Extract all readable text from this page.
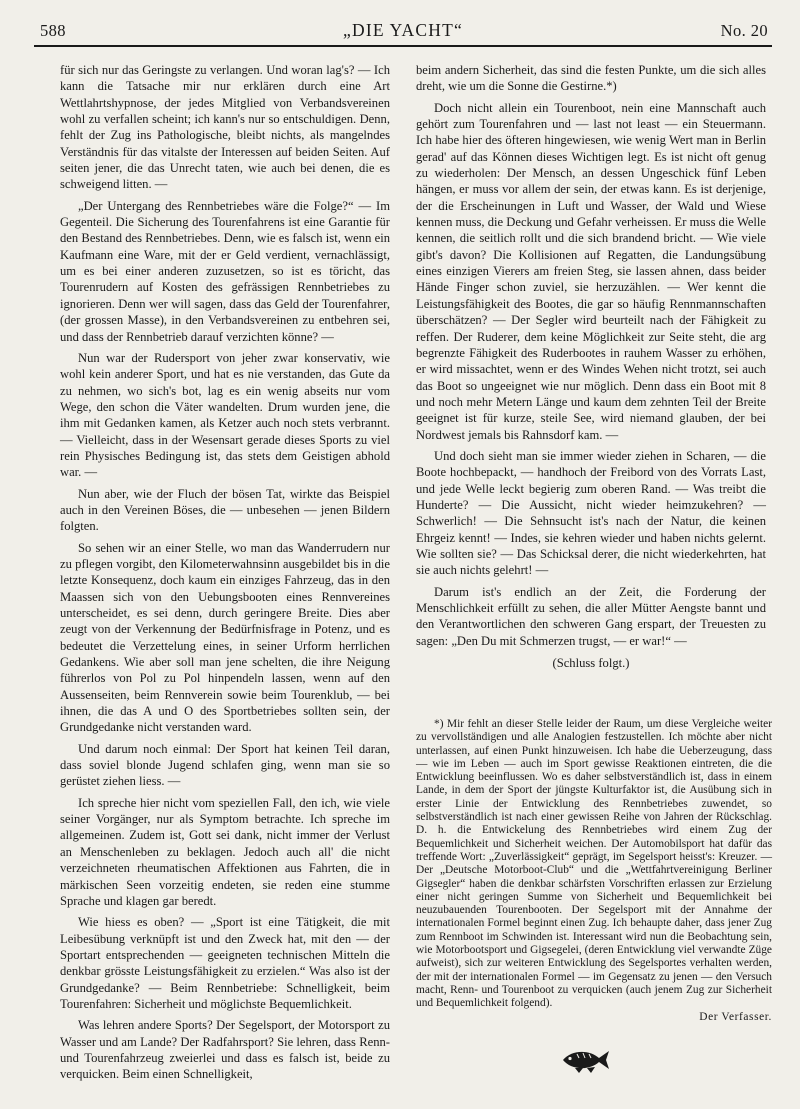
588	„DIE YACHT“	No. 20

für sich nur das Geringste zu verlangen. Und woran lag's? — Ich kann die Tatsache mir nur erklären durch eine Art Wettlahrtshypnose, der jedes Mitglied von Verbandsvereinen wohl zu verfallen scheint; ich kann's nur so entschuldigen. Denn, fehlt der Zug ins Pathologische, bleibt nichts, als mangelndes Verständnis für das vitalste der Interessen auf beiden Seiten. Auf seiten jener, die das Unrecht taten, wie auch bei denen, die es schweigend litten. —

„Der Untergang des Rennbetriebes wäre die Folge?“ — Im Gegenteil. Die Sicherung des Tourenfahrens ist eine Garantie für den Bestand des Rennbetriebes. Denn, wie es falsch ist, wenn ein Kaufmann eine Ware, mit der er Geld verdient, vernachlässigt, um es bei einer anderen zuzusetzen, so ist es töricht, das Tourenrudern auf Kosten des gefrässigen Rennbetriebes zu ignorieren. Denn wer will sagen, dass das Geld der Tourenfahrer, (der grossen Masse), in den Verbandsvereinen zu entbehren sei, und dass der Rennbetrieb darauf verzichten könne? —

Nun war der Rudersport von jeher zwar konservativ, wie wohl kein anderer Sport, und hat es nie verstanden, das Gute da zu nehmen, wo sich's bot, lag es ein wenig abseits nur vom Wege, den schon die Väter wandelten. Drum wurden jene, die ihm mit Gedanken kamen, als Ketzer auch noch stets verbrannt. — Vielleicht, dass in der Wesensart gerade dieses Sports zu viel rein Physisches Bedingung ist, das stets dem Geistigen abhold war. —

Nun aber, wie der Fluch der bösen Tat, wirkte das Beispiel auch in den Vereinen Böses, die — unbesehen — jenen Bildern folgten.

So sehen wir an einer Stelle, wo man das Wanderrudern nur zu pflegen vorgibt, den Kilometerwahnsinn ausgebildet bis in die letzte Konsequenz, doch kaum ein einziges Fahrzeug, das in den Maassen sich von den Uebungsbooten eines Rennvereines unterscheidet, es sei denn, durch geringere Breite. Dies aber zeugt von der Verkennung der Bedürfnisfrage in Potenz, und es bedeutet die Verzettelung eines, in seiner Urform herrlichen Gedankens. Wie aber soll man jene schelten, die ihre Neigung führerlos von Pol zu Pol hinpendeln lassen, wenn auf den Aussenseiten, beim Rennverein sowie beim Tourenklub, — bei ihnen, die das A und O des Sportbetriebes sollten sein, der Grundgedanke nicht verstanden ward.

Und darum noch einmal: Der Sport hat keinen Teil daran, dass soviel blonde Jugend schlafen ging, wenn man sie so gerüstet ziehen liess. —

Ich spreche hier nicht vom speziellen Fall, den ich, wie viele seiner Vorgänger, nur als Symptom betrachte. Ich spreche im allgemeinen. Zudem ist, Gott sei dank, nicht immer der Verlust an Menschenleben zu beklagen. Jedoch auch all' die nicht verzeichneten rheumatischen Affektionen aus Fahrten, die in märkischen Seen vorzeitig endeten, sie reden eine stumme Sprache und klagen gar beredt.

Wie hiess es oben? — „Sport ist eine Tätigkeit, die mit Leibesübung verknüpft ist und den Zweck hat, mit den — der Sportart entsprechenden — geeigneten technischen Mitteln die denkbar grösste Leistungsfähigkeit zu erzielen.“ Was also ist der Grundgedanke? — Beim Rennbetriebe: Schnelligkeit, beim Tourenfahren: Sicherheit und möglichste Bequemlichkeit.

Was lehren andere Sports? Der Segelsport, der Motorsport zu Wasser und am Lande? Der Radfahrsport? Sie lehren, dass Renn- und Tourenfahrzeug zweierlei und dass es falsch ist, beide zu verquicken. Beim einen Schnelligkeit,

beim andern Sicherheit, das sind die festen Punkte, um die sich alles dreht, wie um die Sonne die Gestirne.*)

Doch nicht allein ein Tourenboot, nein eine Mannschaft auch gehört zum Tourenfahren und — last not least — ein Steuermann. Ich habe hier des öfteren hingewiesen, wie wenig Wert man in Berlin gerad' auf das Können dieses Wichtigen legt. Es ist nicht oft genug zu wiederholen: Der Mensch, an dessen Ungeschick fünf Leben hängen, er muss vor allem der sein, der etwas kann. Es ist derjenige, der die Erscheinungen in Luft und Wasser, der Wald und Wiese kennen muss, die Deckung und Gefahr verheissen. Er muss die Welle kennen, die seitlich rollt und die sich brandend bricht. — Wie viele gibt's davon? Die Kollisionen auf Regatten, die Landungsübung eines einzigen Vierers am freien Steg, sie lassen ahnen, dass beider Hände Finger schon zuviel, sie herzuzählen. — Wer kennt die Leistungsfähigkeit des Bootes, die gar so häufig Rennmannschaften überschätzen? — Der Segler wird beurteilt nach der Fähigkeit zu reffen. Der Ruderer, dem keine Möglichkeit zur Seite steht, die arg begrenzte Fähigkeit des Ruderbootes in rauhem Wasser zu erhöhen, er wird missachtet, wenn er des Windes Wehen nicht trotzt, sei auch das Boot so ungeeignet wie nur möglich. Denn dass ein Boot mit 8 und noch mehr Metern Länge und kaum dem zehnten Teil der Breite geeignet ist für kurze, steile See, wird niemand glauben, der bei Nordwest jemals bis Rahnsdorf kam. —

Und doch sieht man sie immer wieder ziehen in Scharen, — die Boote hochbepackt, — handhoch der Freibord von des Vorrats Last, und jede Welle leckt begierig zum oberen Rand. — Was treibt die Hunderte? — Die Aussicht, nicht wieder heimzukehren? — Schwerlich! — Die Sehnsucht ist's nach der Natur, die keinen Ehrgeiz kennt! — Indes, sie kehren wieder und haben nichts gelernt. Wie sollten sie? — Das Schicksal derer, die nicht wiederkehrten, hat sie auch nichts gelehrt! —

Darum ist's endlich an der Zeit, die Forderung der Menschlichkeit erfüllt zu sehen, die aller Mütter Aengste bannt und den Verantwortlichen den schweren Gang erspart, der Treuesten zu sagen: „Den Du mit Schmerzen trugst, — er war!“ —

(Schluss folgt.)

*) Mir fehlt an dieser Stelle leider der Raum, um diese Vergleiche weiter zu vervollständigen und alle Analogien festzustellen. Ich möchte aber nicht unterlassen, auf einen Punkt hinzuweisen. Ich habe die Ueberzeugung, dass — wie im Leben — auch im Sport gewisse Reaktionen eintreten, die die Entwicklung beeinflussen. Wo es daher selbstverständlich ist, dass in einem Lande, in dem der Sport der jüngste Kulturfaktor ist, die Ausübung sich in erster Linie der Entwicklung des Rennbetriebes zuwendet, so selbstverständlich ist nach einer gewissen Reihe von Jahren der Rückschlag. D. h. die Entwickelung des Rennbetriebes wird einem Zug der Bequemlichkeit und Sicherheit weichen. Der Automobilsport hat dafür das treffende Wort: „Zuverlässigkeit“ geprägt, im Segelsport heisst's: Kreuzer. — Der „Deutsche Motorboot-Club“ und die „Wettfahrtvereinigung Berliner Gigsegler“ haben die denkbar schärfsten Vorschriften erlassen zur Erzielung einer nicht geringen Summe von Sicherheit und Bequemlichkeit bei neuzubauenden Tourenbooten. Der Segelsport mit der Annahme der internationalen Formel beginnt einen Zug. Ich behaupte daher, dass jener Zug zum Rennboot im Schwinden ist. Interessant wird nun die Beobachtung sein, wie Motorbootsport und Gigsegelei, (deren Entwicklung viel verwandte Züge aufweist), sich zur weiteren Entwicklung des Segelsportes verhalten werden, der mit der internationalen Formel — im Gegensatz zu jenen — den Versuch macht, Renn- und Tourenboot zu verquicken (auch jenem Zug zur Sicherheit und Bequemlichkeit folgend).

Der Verfasser.
